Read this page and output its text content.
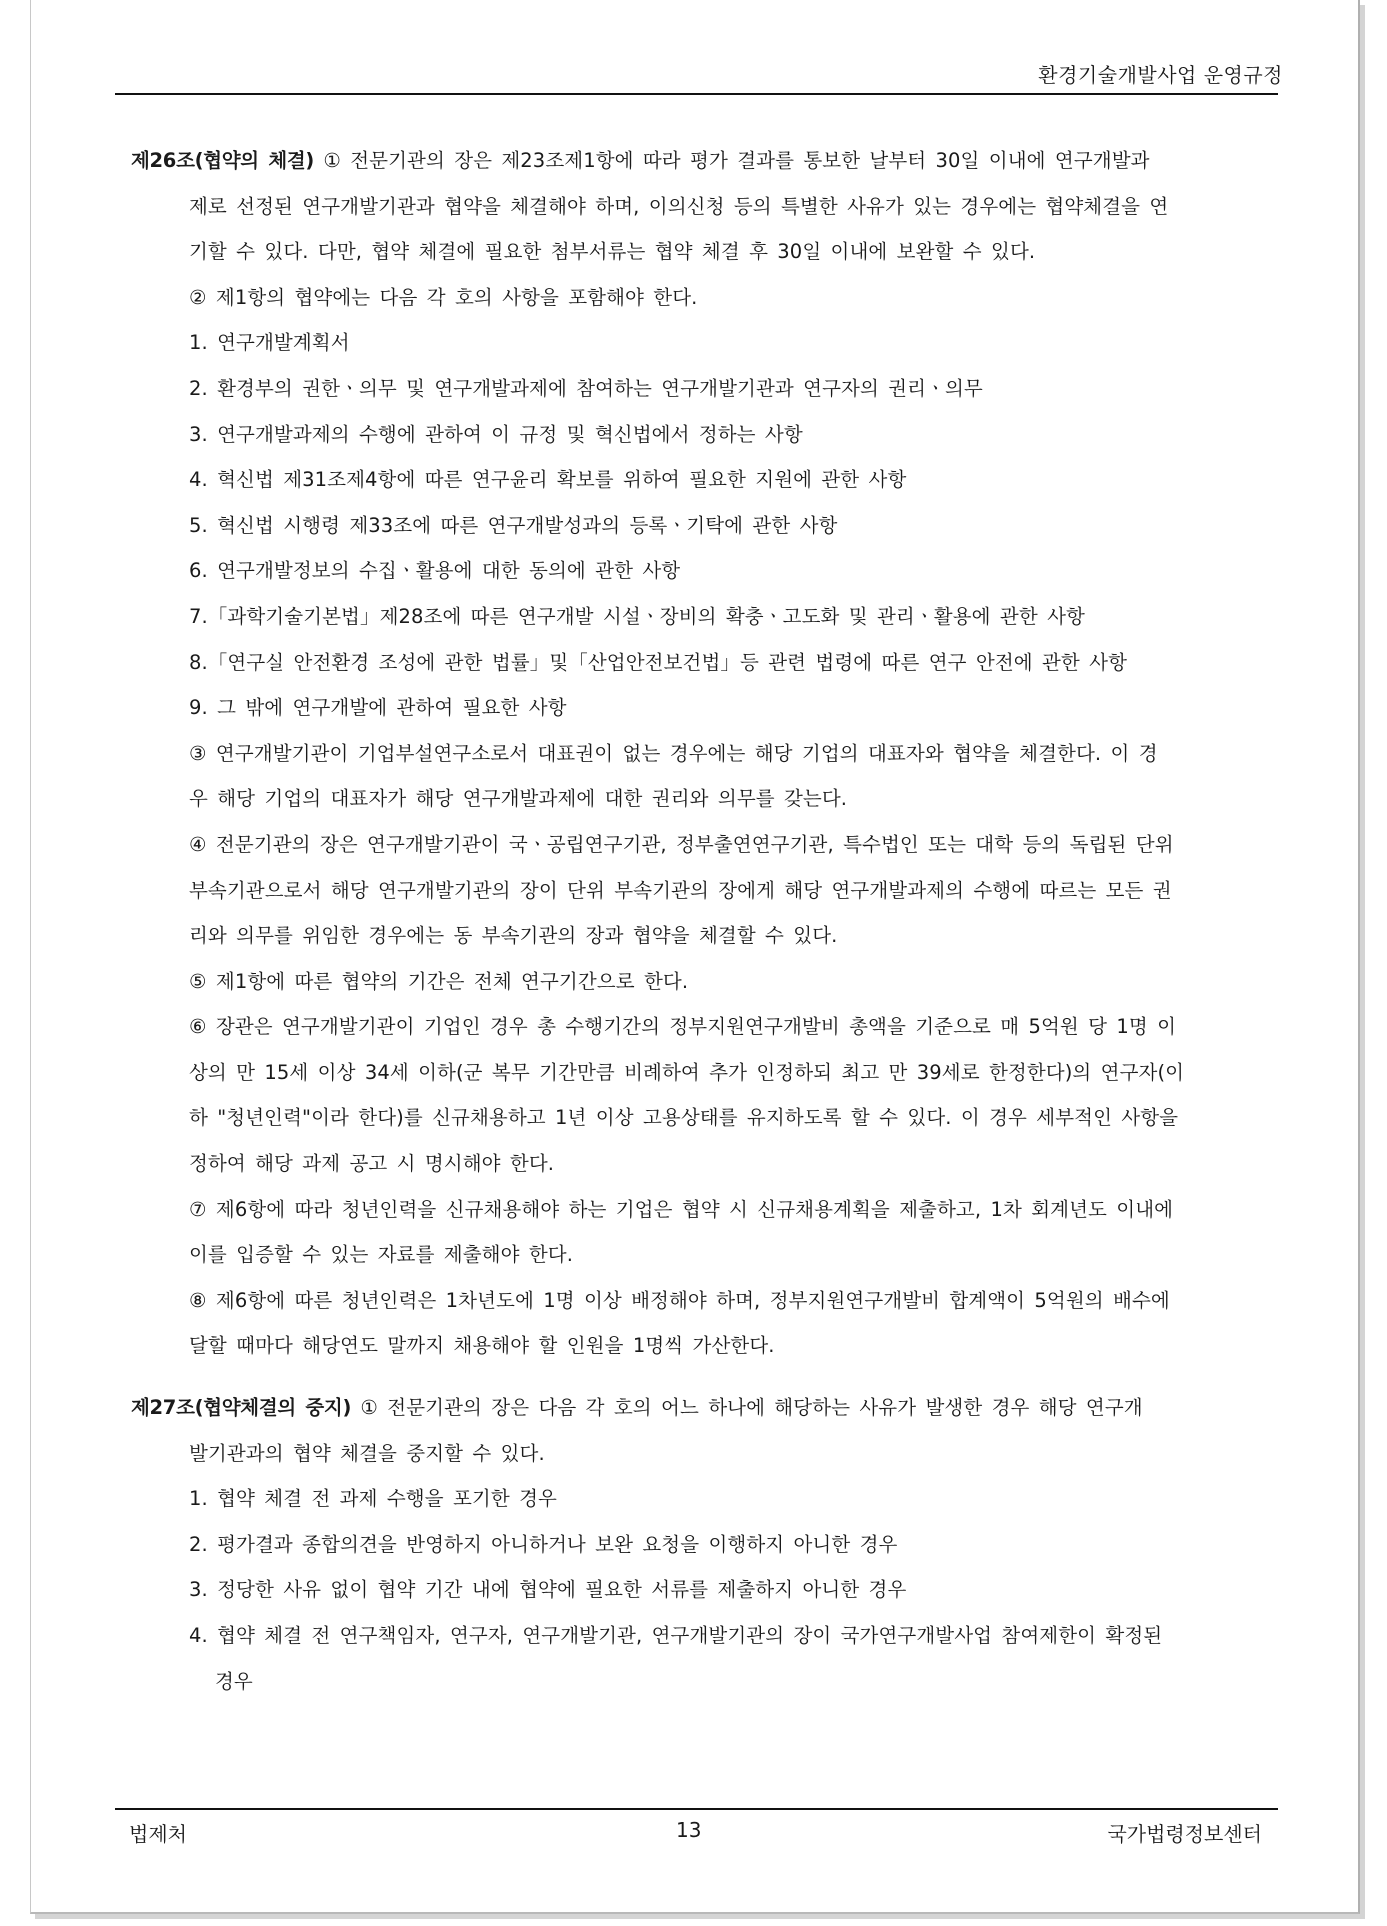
환경기술개발사업 운영규정

제26조(협약의 체결) ① 전문기관의 장은 제23조제1항에 따라 평가 결과를 통보한 날부터 30일 이내에 연구개발과

제로 선정된 연구개발기관과 협약을 체결해야 하며, 이의신청 등의 특별한 사유가 있는 경우에는 협약체결을 연

기할 수 있다. 다만, 협약 체결에 필요한 첨부서류는 협약 체결 후 30일 이내에 보완할 수 있다.

② 제1항의 협약에는 다음 각 호의 사항을 포함해야 한다.

1. 연구개발계획서

2. 환경부의 권한ㆍ의무 및 연구개발과제에 참여하는 연구개발기관과 연구자의 권리ㆍ의무

3. 연구개발과제의 수행에 관하여 이 규정 및 혁신법에서 정하는 사항

4. 혁신법 제31조제4항에 따른 연구윤리 확보를 위하여 필요한 지원에 관한 사항

5. 혁신법 시행령 제33조에 따른 연구개발성과의 등록ㆍ기탁에 관한 사항

6. 연구개발정보의 수집ㆍ활용에 대한 동의에 관한 사항

7.「과학기술기본법」제28조에 따른 연구개발 시설ㆍ장비의 확충ㆍ고도화 및 관리ㆍ활용에 관한 사항

8.「연구실 안전환경 조성에 관한 법률」및「산업안전보건법」등 관련 법령에 따른 연구 안전에 관한 사항

9. 그 밖에 연구개발에 관하여 필요한 사항

③ 연구개발기관이 기업부설연구소로서 대표권이 없는 경우에는 해당 기업의 대표자와 협약을 체결한다. 이 경

우 해당 기업의 대표자가 해당 연구개발과제에 대한 권리와 의무를 갖는다.

④ 전문기관의 장은 연구개발기관이 국ㆍ공립연구기관, 정부출연연구기관, 특수법인 또는 대학 등의 독립된 단위

부속기관으로서 해당 연구개발기관의 장이 단위 부속기관의 장에게 해당 연구개발과제의 수행에 따르는 모든 권

리와 의무를 위임한 경우에는 동 부속기관의 장과 협약을 체결할 수 있다.

⑤ 제1항에 따른 협약의 기간은 전체 연구기간으로 한다.

⑥ 장관은 연구개발기관이 기업인 경우 총 수행기간의 정부지원연구개발비 총액을 기준으로 매 5억원 당 1명 이

상의 만 15세 이상 34세 이하(군 복무 기간만큼 비례하여 추가 인정하되 최고 만 39세로 한정한다)의 연구자(이

하 "청년인력"이라 한다)를 신규채용하고 1년 이상 고용상태를 유지하도록 할 수 있다. 이 경우 세부적인 사항을

정하여 해당 과제 공고 시 명시해야 한다.

⑦ 제6항에 따라 청년인력을 신규채용해야 하는 기업은 협약 시 신규채용계획을 제출하고, 1차 회계년도 이내에

이를 입증할 수 있는 자료를 제출해야 한다.

⑧ 제6항에 따른 청년인력은 1차년도에 1명 이상 배정해야 하며, 정부지원연구개발비 합계액이 5억원의 배수에

달할 때마다 해당연도 말까지 채용해야 할 인원을 1명씩 가산한다.

제27조(협약체결의 중지) ① 전문기관의 장은 다음 각 호의 어느 하나에 해당하는 사유가 발생한 경우 해당 연구개

발기관과의 협약 체결을 중지할 수 있다.

1. 협약 체결 전 과제 수행을 포기한 경우

2. 평가결과 종합의견을 반영하지 아니하거나 보완 요청을 이행하지 아니한 경우

3. 정당한 사유 없이 협약 기간 내에 협약에 필요한 서류를 제출하지 아니한 경우

4. 협약 체결 전 연구책임자, 연구자, 연구개발기관, 연구개발기관의 장이 국가연구개발사업 참여제한이 확정된

경우

법제처	13	국가법령정보센터
